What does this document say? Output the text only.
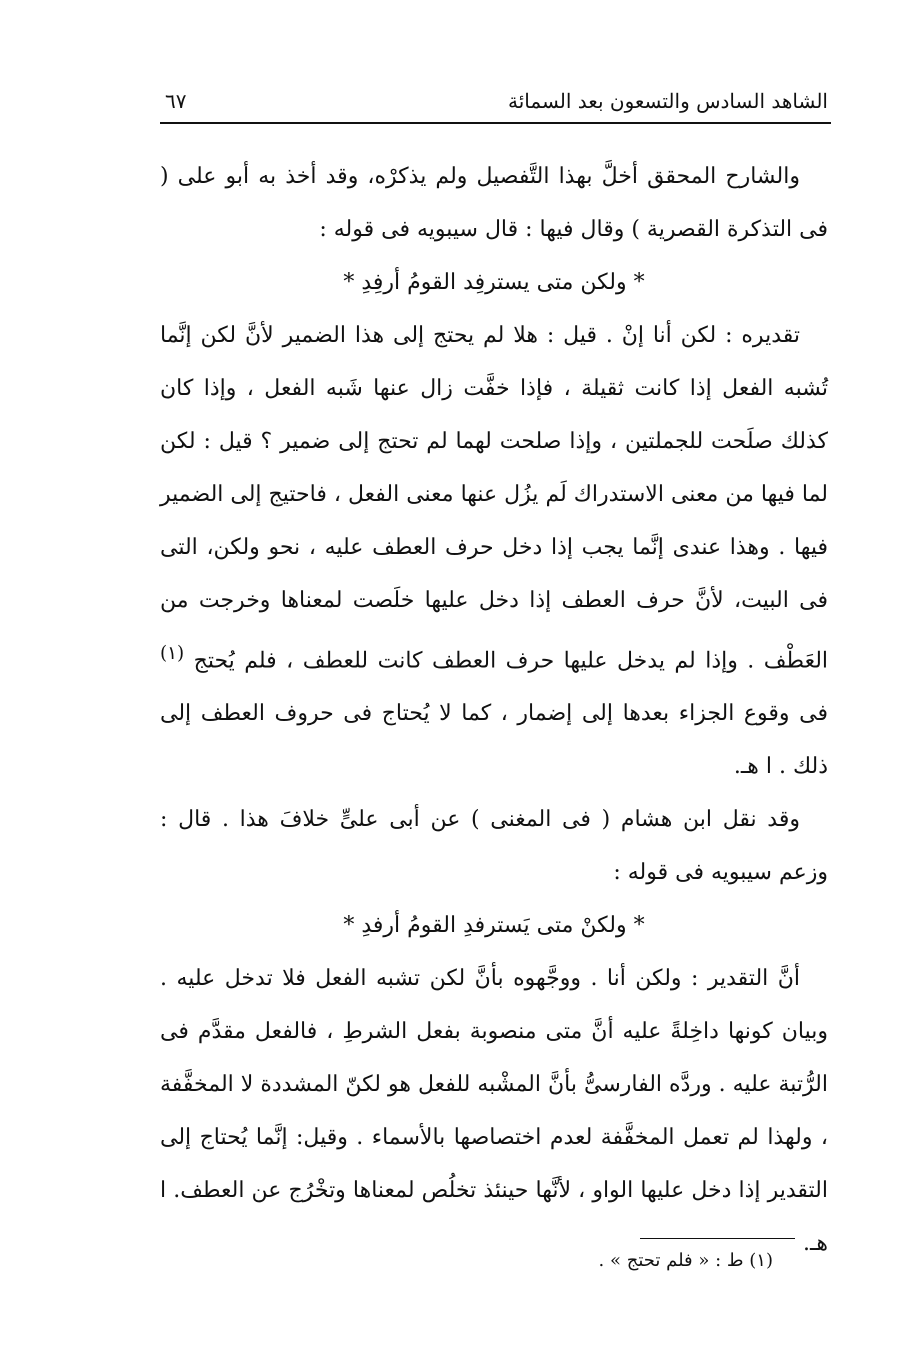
الشاهد السادس والتسعون بعد السمائة
٦٧

والشارح المحقق أخلَّ بهذا التَّفصيل ولم يذكرْه، وقد أخذ به أبو على ( فى التذكرة القصرية ) وقال فيها : قال سيبويه فى قوله :

* ولكن متى يسترفِد القومُ أرفِدِ *

تقديره : لكن أنا إنْ . قيل : هلا لم يحتج إلى هذا الضمير لأنَّ لكن إنَّما تُشبه الفعل إذا كانت ثقيلة ، فإذا خفَّت زال عنها شَبه الفعل ، وإذا كان كذلك صلَحت للجملتين ، وإذا صلحت لهما لم تحتج إلى ضمير ؟ قيل : لكن لما فيها من معنى الاستدراك لَم يزُل عنها معنى الفعل ، فاحتيج إلى الضمير فيها . وهذا عندى إنَّما يجب إذا دخل حرف العطف عليه ، نحو ولكن، التى فى البيت، لأنَّ حرف العطف إذا دخل عليها خلَصت لمعناها وخرجت من العَطْف . وإذا لم يدخل عليها حرف العطف كانت للعطف ، فلم يُحتج $^{(١)}$ فى وقوع الجزاء بعدها إلى إضمار ، كما لا يُحتاج فى حروف العطف إلى ذلك . ا هـ.

وقد نقل ابن هشام ( فى المغنى ) عن أبى علىٍّ خلافَ هذا . قال : وزعم سيبويه فى قوله :

* ولكنْ متى يَسترفدِ القومُ أرفدِ *

أنَّ التقدير : ولكن أنا . ووجَّهوه بأنَّ لكن تشبه الفعل فلا تدخل عليه . وبيان كونها داخِلةً عليه أنَّ متى منصوبة بفعل الشرطِ ، فالفعل مقدَّم فى الرُّتبة عليه . وردَّه الفارسىُّ بأنَّ المشْبه للفعل هو لكنّ المشددة لا المخفَّفة ، ولهذا لم تعمل المخفَّفة لعدم اختصاصها بالأسماء . وقيل: إنَّما يُحتاج إلى التقدير إذا دخل عليها الواو ، لأنَّها حينئذ تخلُص لمعناها وتخْرُج عن العطف. ا هـ.

(١) ط : « فلم تحتج » .
